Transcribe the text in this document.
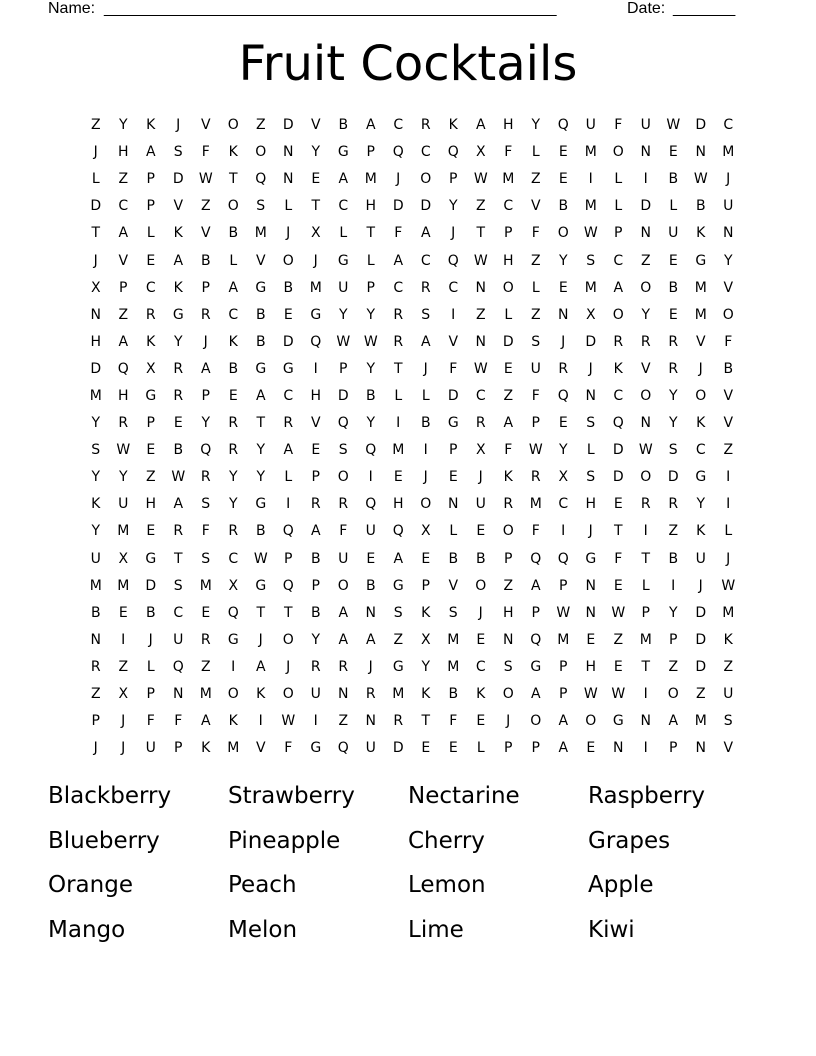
Name: ____________________________________________________	Date: _______
Fruit Cocktails
Z	Y	K	J	V	O	Z	D	V	B	A	C	R	K	A	H	Y	Q	U	F	U	W	D	C
J	H	A	S	F	K	O	N	Y	G	P	Q	C	Q	X	F	L	E	M	O	N	E	N	M
L	Z	P	D	W	T	Q	N	E	A	M	J	O	P	W	M	Z	E	I	L	I	B	W	J
D	C	P	V	Z	O	S	L	T	C	H	D	D	Y	Z	C	V	B	M	L	D	L	B	U
T	A	L	K	V	B	M	J	X	L	T	F	A	J	T	P	F	O	W	P	N	U	K	N
J	V	E	A	B	L	V	O	J	G	L	A	C	Q	W	H	Z	Y	S	C	Z	E	G	Y
X	P	C	K	P	A	G	B	M	U	P	C	R	C	N	O	L	E	M	A	O	B	M	V
N	Z	R	G	R	C	B	E	G	Y	Y	R	S	I	Z	L	Z	N	X	O	Y	E	M	O
H	A	K	Y	J	K	B	D	Q	W W	R	A	V	N	D	S	J	D	R	R	R	V	F
D	Q	X	R	A	B	G	G	I	P	Y	T	J	F	W	E	U	R	J	K	V	R	J	B
M	H	G	R	P	E	A	C	H	D	B	L	L	D	C	Z	F	Q	N	C	O	Y	O	V
Y	R	P	E	Y	R	T	R	V	Q	Y	I	B	G	R	A	P	E	S	Q	N	Y	K	V
S	W	E	B	Q	R	Y	A	E	S	Q	M	I	P	X	F	W	Y	L	D	W	S	C	Z
Y	Y	Z	W	R	Y	Y	L	P	O	I	E	J	E	J	K	R	X	S	D	O	D	G	I
K	U	H	A	S	Y	G	I	R	R	Q	H	O	N	U	R	M	C	H	E	R	R	Y	I
Y	M	E	R	F	R	B	Q	A	F	U	Q	X	L	E	O	F	I	J	T	I	Z	K	L
U	X	G	T	S	C	W	P	B	U	E	A	E	B	B	P	Q	Q	G	F	T	B	U	J
M	M	D	S	M	X	G	Q	P	O	B	G	P	V	O	Z	A	P	N	E	L	I	J	W
B	E	B	C	E	Q	T	T	B	A	N	S	K	S	J	H	P	W	N	W	P	Y	D	M
N	I	J	U	R	G	J	O	Y	A	A	Z	X	M	E	N	Q	M	E	Z	M	P	D	K
R	Z	L	Q	Z	I	A	J	R	R	J	G	Y	M	C	S	G	P	H	E	T	Z	D	Z
Z	X	P	N	M	O	K	O	U	N	R	M	K	B	K	O	A	P	W W	I	O	Z	U
P	J	F	F	A	K	I	W	I	Z	N	R	T	F	E	J	O	A	O	G	N	A	M	S
J	J	U	P	K	M	V	F	G	Q	U	D	E	E	L	P	P	A	E	N	I	P	N	V
Blackberry	Strawberry	Nectarine	Raspberry
Blueberry	Pineapple	Cherry	Grapes
Orange	Peach	Lemon	Apple
Mango	Melon	Lime	Kiwi
